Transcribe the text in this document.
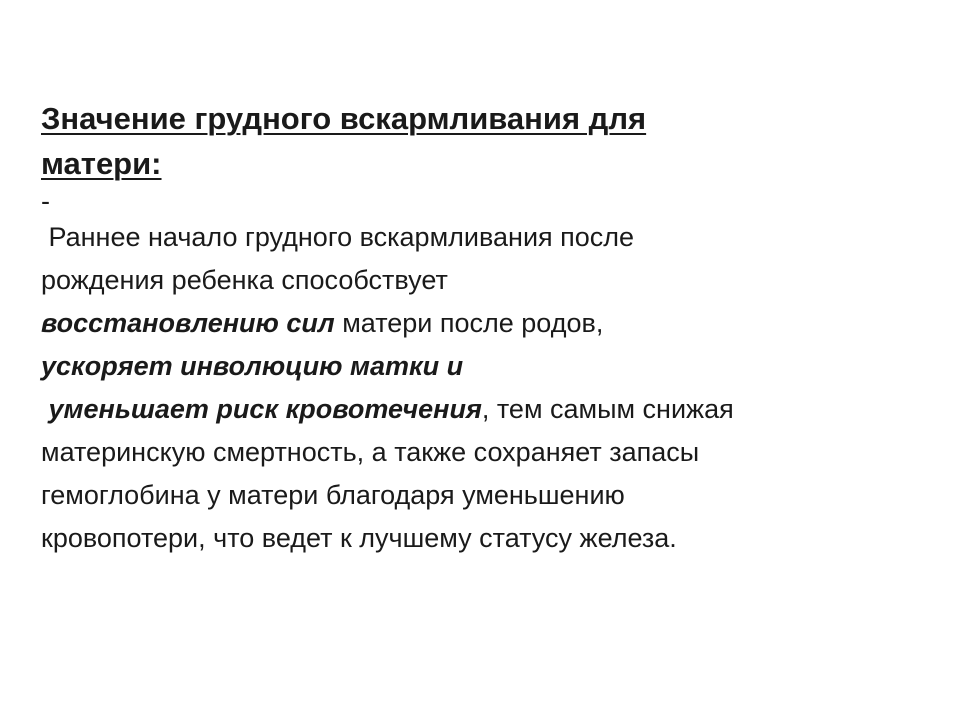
Значение грудного вскармливания для
матери:
-

Раннее начало грудного вскармливания после
рождения ребенка способствует
восстановлению сил матери после родов,
ускоряет инволюцию матки и
уменьшает риск кровотечения, тем самым снижая
материнскую смертность, а также сохраняет запасы
гемоглобина у матери благодаря уменьшению
кровопотери, что ведет к лучшему статусу железа.
